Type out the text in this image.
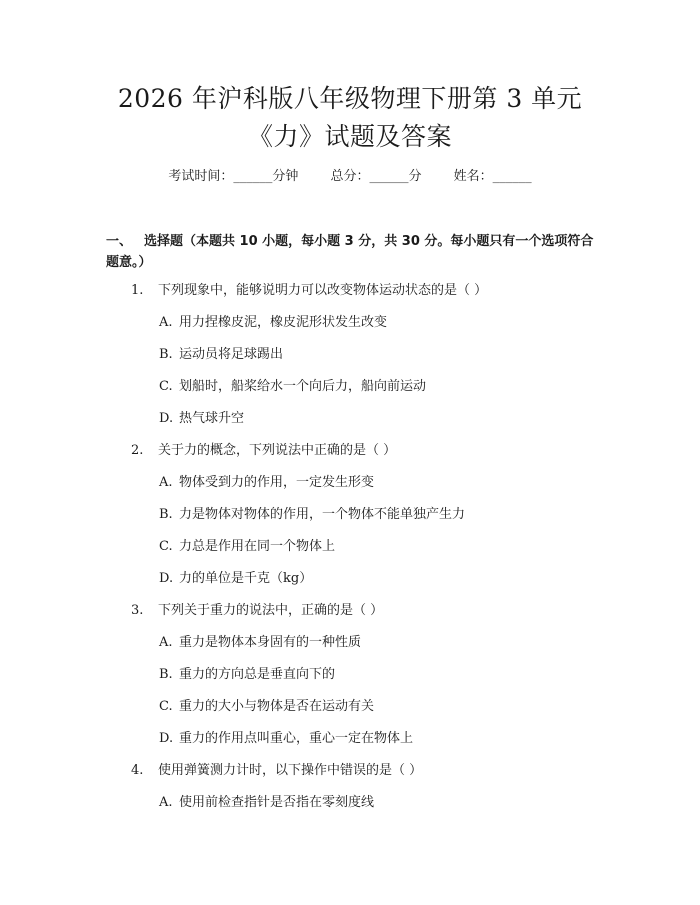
2026 年沪科版八年级物理下册第 3 单元
《力》试题及答案
考试时间：______分钟 总分：______分 姓名：______
一、 选择题（本题共 10 小题，每小题 3 分，共 30 分。每小题只有一个选项符合题意。）
1. 下列现象中，能够说明力可以改变物体运动状态的是（ ）
A. 用力捏橡皮泥，橡皮泥形状发生改变
B. 运动员将足球踢出
C. 划船时，船桨给水一个向后力，船向前运动
D. 热气球升空
2. 关于力的概念，下列说法中正确的是（ ）
A. 物体受到力的作用，一定发生形变
B. 力是物体对物体的作用，一个物体不能单独产生力
C. 力总是作用在同一个物体上
D. 力的单位是千克（kg）
3. 下列关于重力的说法中，正确的是（ ）
A. 重力是物体本身固有的一种性质
B. 重力的方向总是垂直向下的
C. 重力的大小与物体是否在运动有关
D. 重力的作用点叫重心，重心一定在物体上
4. 使用弹簧测力计时，以下操作中错误的是（ ）
A. 使用前检查指针是否指在零刻度线
